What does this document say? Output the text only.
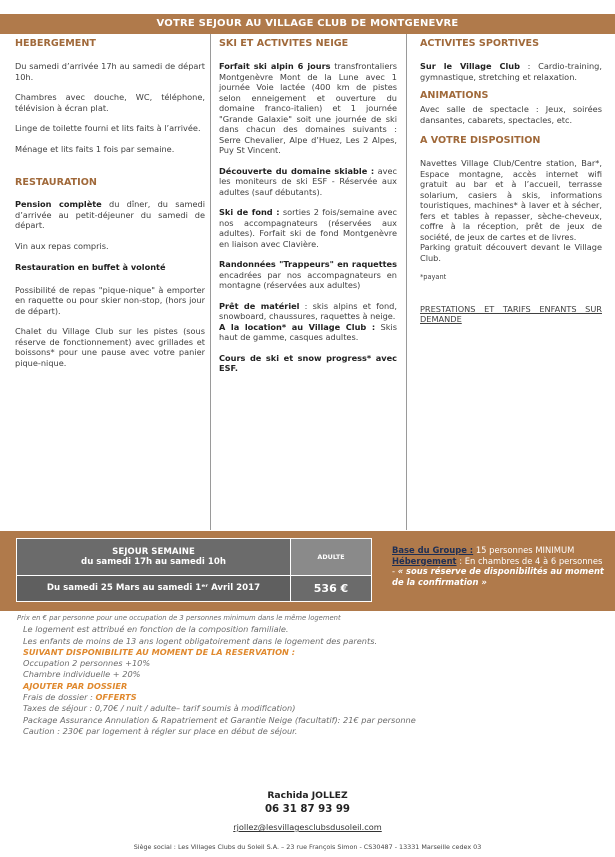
VOTRE SEJOUR AU VILLAGE CLUB DE MONTGENEVRE
HEBERGEMENT

Du samedi d’arrivée 17h au samedi de départ 10h.

Chambres avec douche, WC, téléphone, télévision à écran plat.

Linge de toilette fourni et lits faits à l’arrivée.

Ménage et lits faits 1 fois par semaine.

RESTAURATION

Pension complète du dîner, du samedi d’arrivée au petit-déjeuner du samedi de départ.

Vin aux repas compris.

Restauration en buffet à volonté

Possibilité de repas "pique-nique" à emporter en raquette ou pour skier non-stop, (hors jour de départ).

Chalet du Village Club sur les pistes (sous réserve de fonctionnement) avec grillades et boissons* pour une pause avec votre panier pique-nique.

SKI ET ACTIVITES NEIGE

Forfait ski alpin 6 jours transfrontaliers Montgenèvre Mont de la Lune avec 1 journée Voie lactée (400 km de pistes selon enneigement et ouverture du domaine franco-italien) et 1 journée "Grande Galaxie" soit une journée de ski dans chacun des domaines suivants : Serre Chevalier, Alpe d’Huez, Les 2 Alpes, Puy St Vincent.

Découverte du domaine skiable : avec les moniteurs de ski ESF - Réservée aux adultes (sauf débutants).

Ski de fond : sorties 2 fois/semaine avec nos accompagnateurs (réservées aux adultes). Forfait ski de fond Montgenèvre en liaison avec Clavière.

Randonnées "Trappeurs" en raquettes encadrées par nos accompagnateurs en montagne (réservées aux adultes)

Prêt de matériel : skis alpins et fond, snowboard, chaussures, raquettes à neige.

A la location* au Village Club : Skis haut de gamme, casques adultes.

Cours de ski et snow progress* avec ESF.

ACTIVITES SPORTIVES

Sur le Village Club : Cardio-training, gymnastique, stretching et relaxation.

ANIMATIONS

Avec salle de spectacle : Jeux, soirées dansantes, cabarets, spectacles, etc.

A VOTRE DISPOSITION

Navettes Village Club/Centre station, Bar*, Espace montagne, accès internet wifi gratuit au bar et à l’accueil, terrasse solarium, casiers à skis, informations touristiques, machines* à laver et à sécher, fers et tables à repasser, sèche-cheveux, coffre à la réception, prêt de jeux de société, de jeux de cartes et de livres.

Parking gratuit découvert devant le Village Club.

*payant

PRESTATIONS ET TARIFS ENFANTS SUR DEMANDE

SEJOUR SEMAINE
du samedi 17h au samedi 10h	ADULTE
Du samedi 25 Mars au samedi 1ᵉʳ Avril 2017	536 €
Base du Groupe : 15 personnes MINIMUM
Hébergement : En chambres de 4 à 6 personnes - « sous réserve de disponibilités au moment de la confirmation »
Prix en € par personne pour une occupation de 3 personnes minimum dans le même logement
Le logement est attribué en fonction de la composition familiale.
Les enfants de moins de 13 ans logent obligatoirement dans le logement des parents.
SUIVANT DISPONIBILITE AU MOMENT DE LA RESERVATION :
Occupation 2 personnes +10%
Chambre individuelle + 20%
AJOUTER PAR DOSSIER
Frais de dossier : OFFERTS
Taxes de séjour : 0,70€ / nuit / adulte– tarif soumis à modification)
Package Assurance Annulation & Rapatriement et Garantie Neige (facultatif): 21€ par personne
Caution : 230€ par logement à régler sur place en début de séjour.
Rachida JOLLEZ
06 31 87 93 99
rjollez@lesvillagesclubsdusoleil.com
Siège social : Les Villages Clubs du Soleil S.A. – 23 rue François Simon - CS30487 - 13331 Marseille cedex 03
